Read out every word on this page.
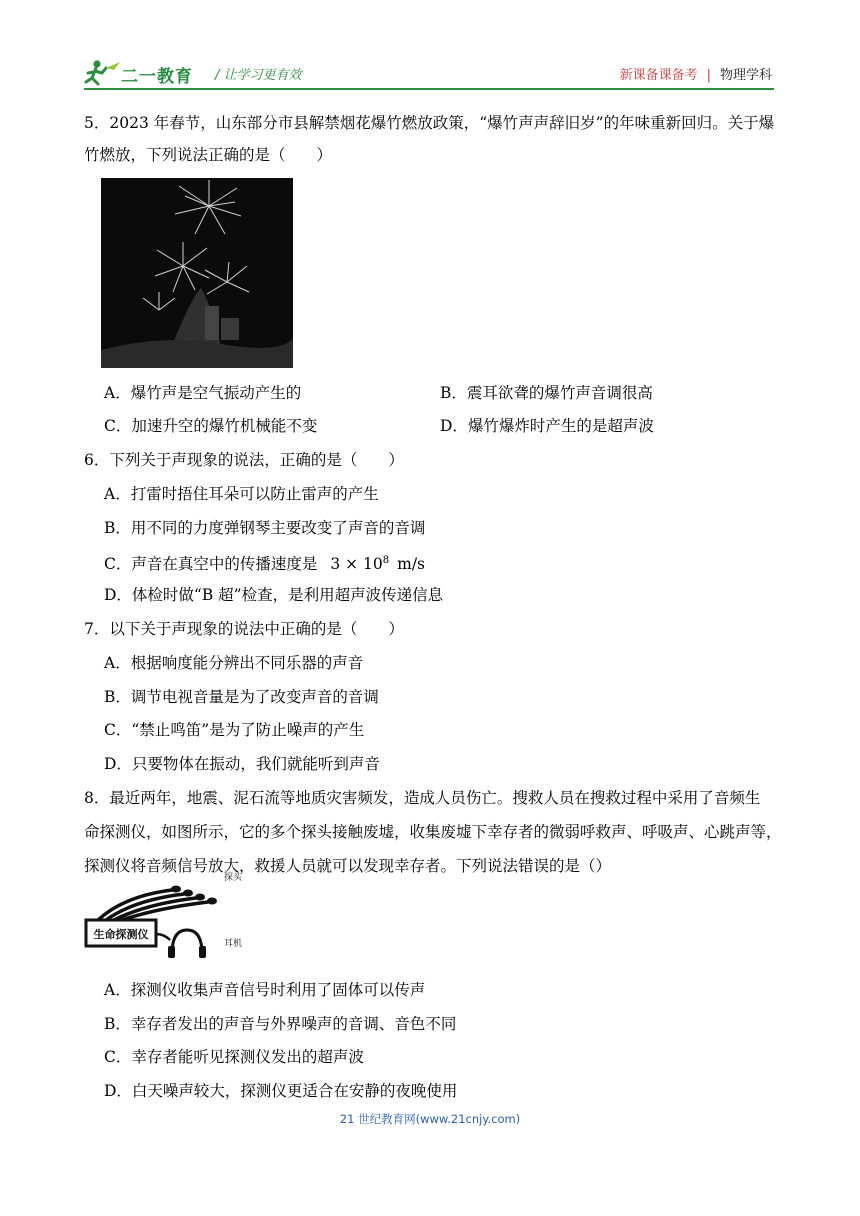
二一教育 / 让学习更有效	新课备课备考 | 物理学科
5．2023 年春节，山东部分市县解禁烟花爆竹燃放政策，“爆竹声声辞旧岁”的年味重新回归。关于爆
竹燃放，下列说法正确的是（　　）
A．爆竹声是空气振动产生的	B．震耳欲聋的爆竹声音调很高
C．加速升空的爆竹机械能不变	D．爆竹爆炸时产生的是超声波
6．下列关于声现象的说法，正确的是（　　）
A．打雷时捂住耳朵可以防止雷声的产生
B．用不同的力度弹钢琴主要改变了声音的音调
C．声音在真空中的传播速度是 $3 \times 10^8$ m/s
D．体检时做“B 超”检查，是利用超声波传递信息
7．以下关于声现象的说法中正确的是（　　）
A．根据响度能分辨出不同乐器的声音
B．调节电视音量是为了改变声音的音调
C．“禁止鸣笛”是为了防止噪声的产生
D．只要物体在振动，我们就能听到声音
8．最近两年，地震、泥石流等地质灾害频发，造成人员伤亡。搜救人员在搜救过程中采用了音频生
命探测仪，如图所示，它的多个探头接触废墟，收集废墟下幸存者的微弱呼救声、呼吸声、心跳声等，
探测仪将音频信号放大，救援人员就可以发现幸存者。下列说法错误的是（）
生命探测仪
探头
耳机
A．探测仪收集声音信号时利用了固体可以传声
B．幸存者发出的声音与外界噪声的音调、音色不同
C．幸存者能听见探测仪发出的超声波
D．白天噪声较大，探测仪更适合在安静的夜晚使用
21 世纪教育网(www.21cnjy.com)
